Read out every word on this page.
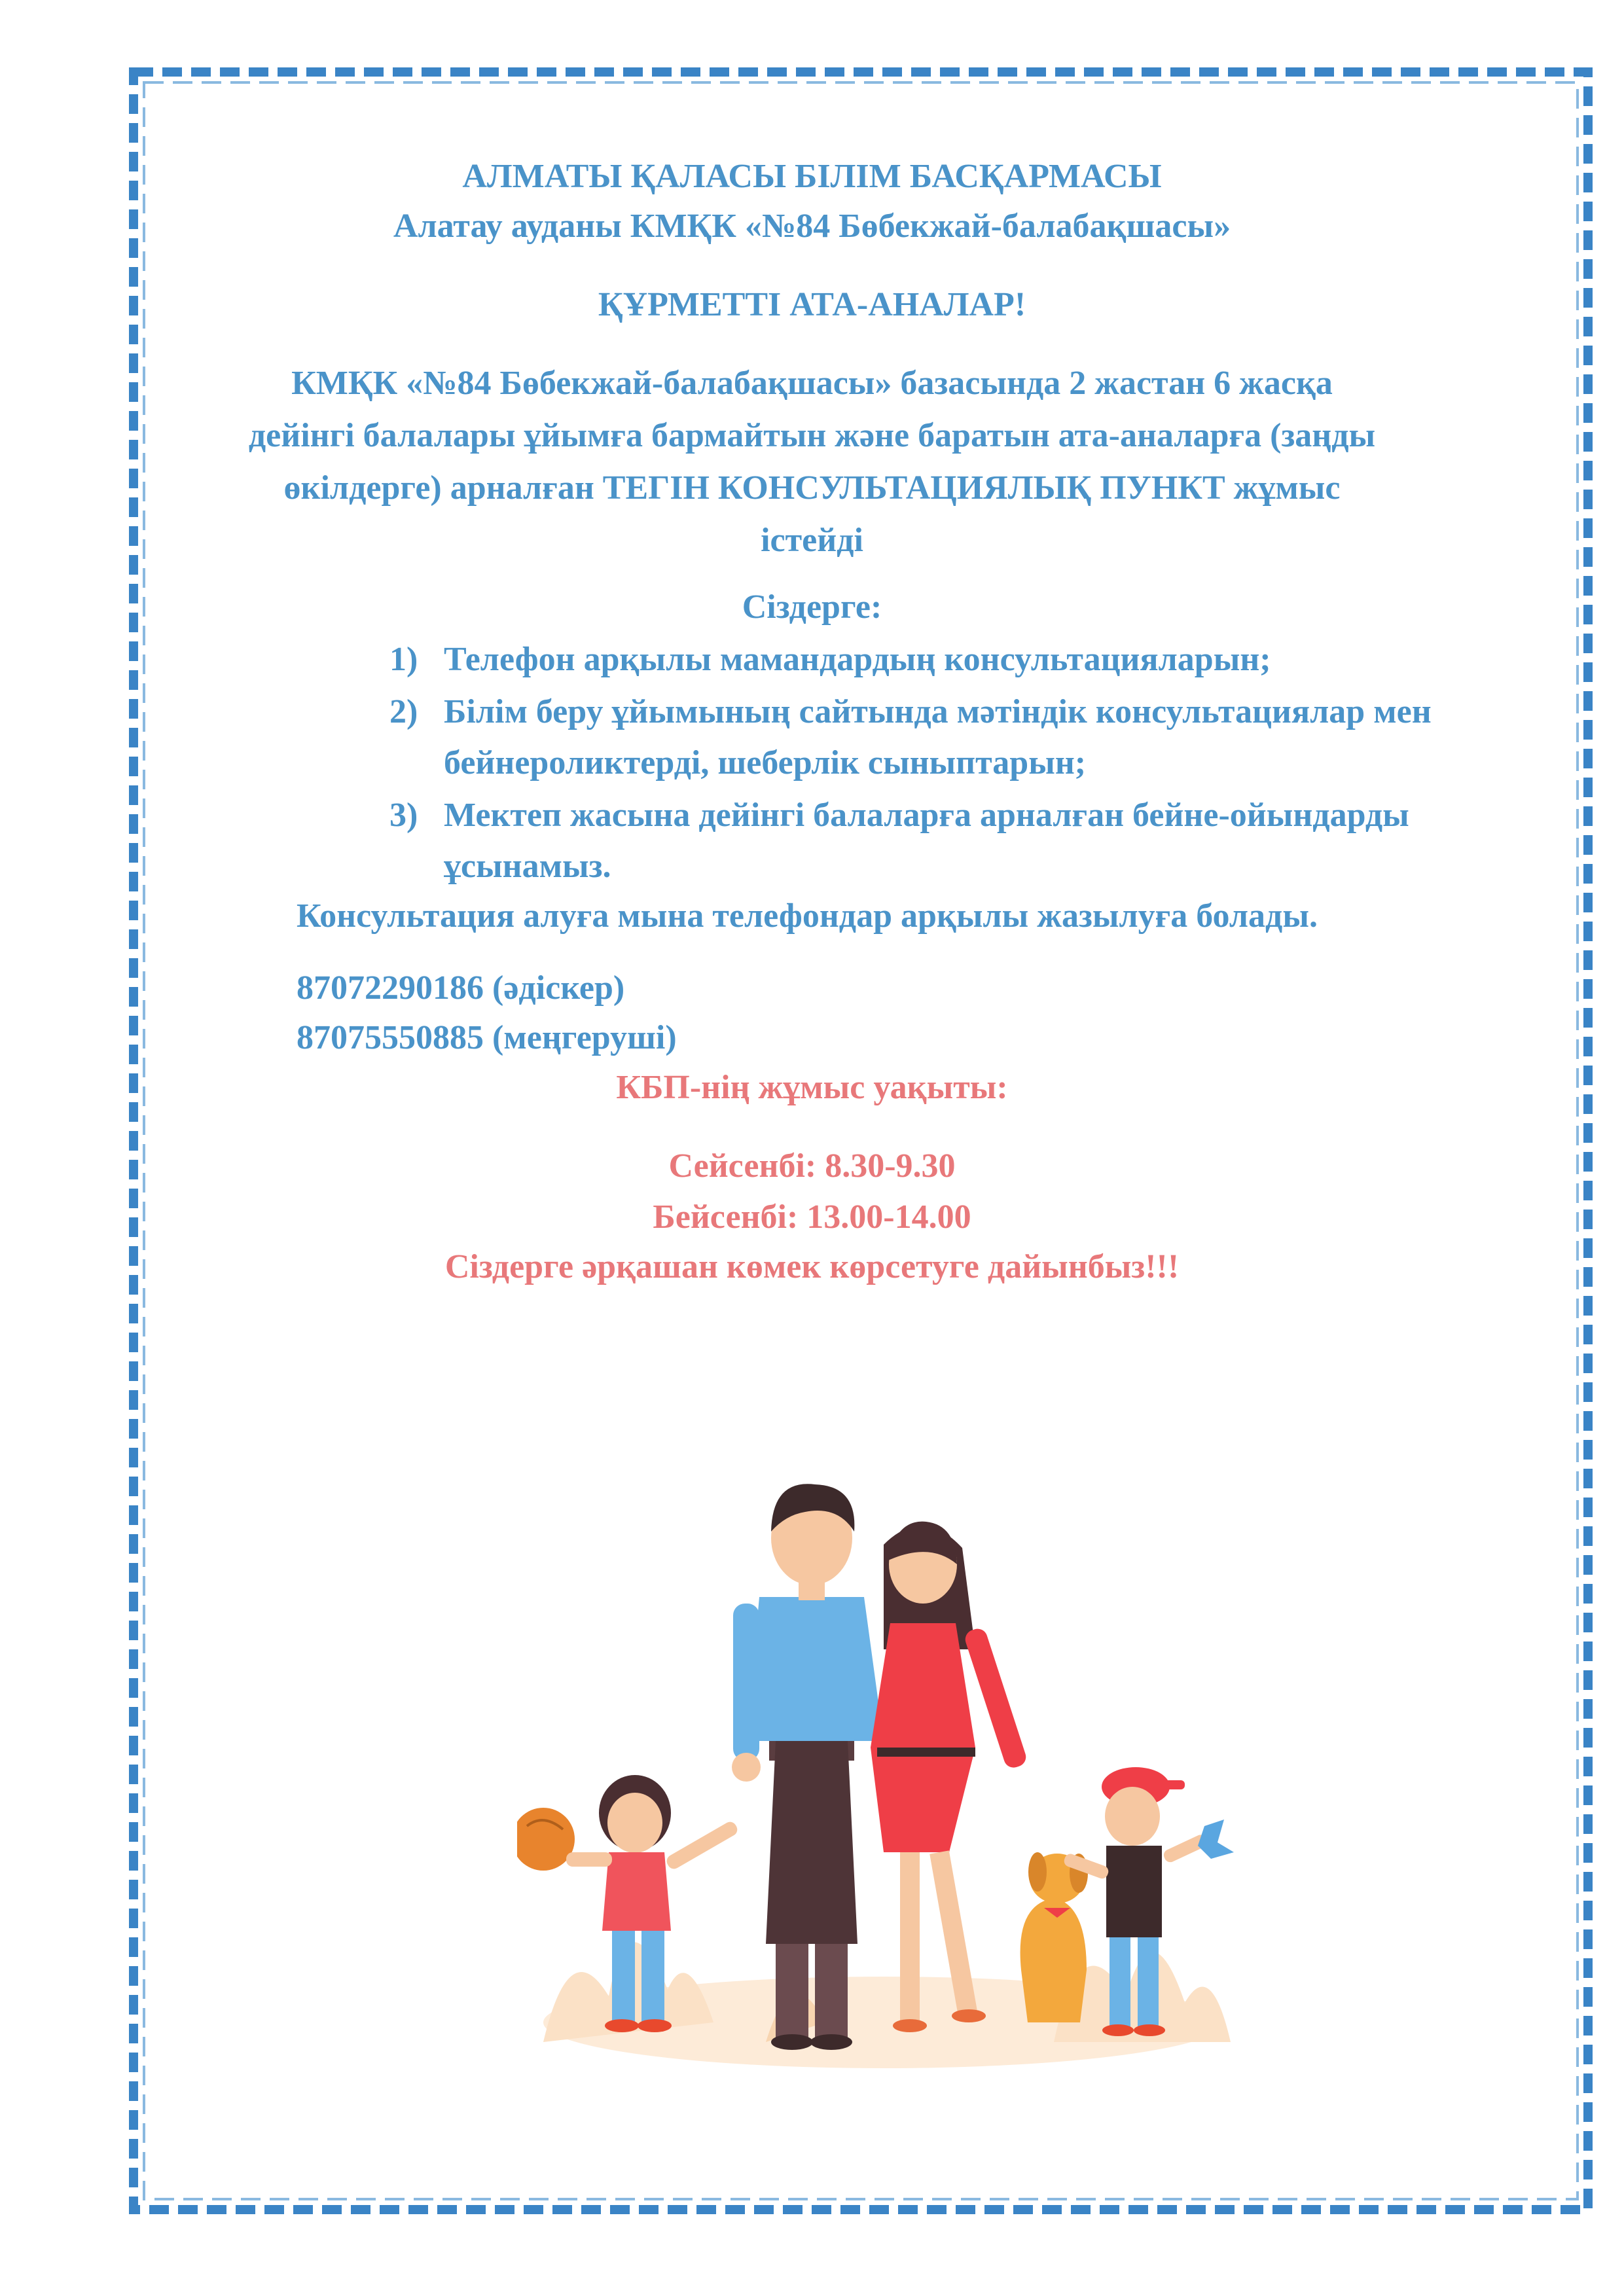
АЛМАТЫ ҚАЛАСЫ БІЛІМ БАСҚАРМАСЫ
Алатау ауданы КМҚК «№84 Бөбекжай-балабақшасы»
ҚҰРМЕТТІ АТА-АНАЛАР!
КМҚК «№84 Бөбекжай-балабақшасы» базасында 2 жастан 6 жасқа
дейінгі балалары ұйымға бармайтын және баратын ата-аналарға (заңды
өкілдерге) арналған ТЕГІН КОНСУЛЬТАЦИЯЛЫҚ ПУНКТ жұмыс
істейді
Сіздерге:
1) Телефон арқылы мамандардың консультацияларын;
2) Білім беру ұйымының сайтында мәтіндік консультациялар мен
бейнероликтерді, шеберлік сыныптарын;
3) Мектеп жасына дейінгі балаларға арналған бейне-ойындарды
ұсынамыз.
Консультация алуға мына телефондар арқылы жазылуға болады.
87072290186 (әдіскер)
87075550885 (меңгеруші)
КБП-нің жұмыс уақыты:
Сейсенбі: 8.30-9.30
Бейсенбі: 13.00-14.00
Сіздерге әрқашан көмек көрсетуге дайынбыз!!!
